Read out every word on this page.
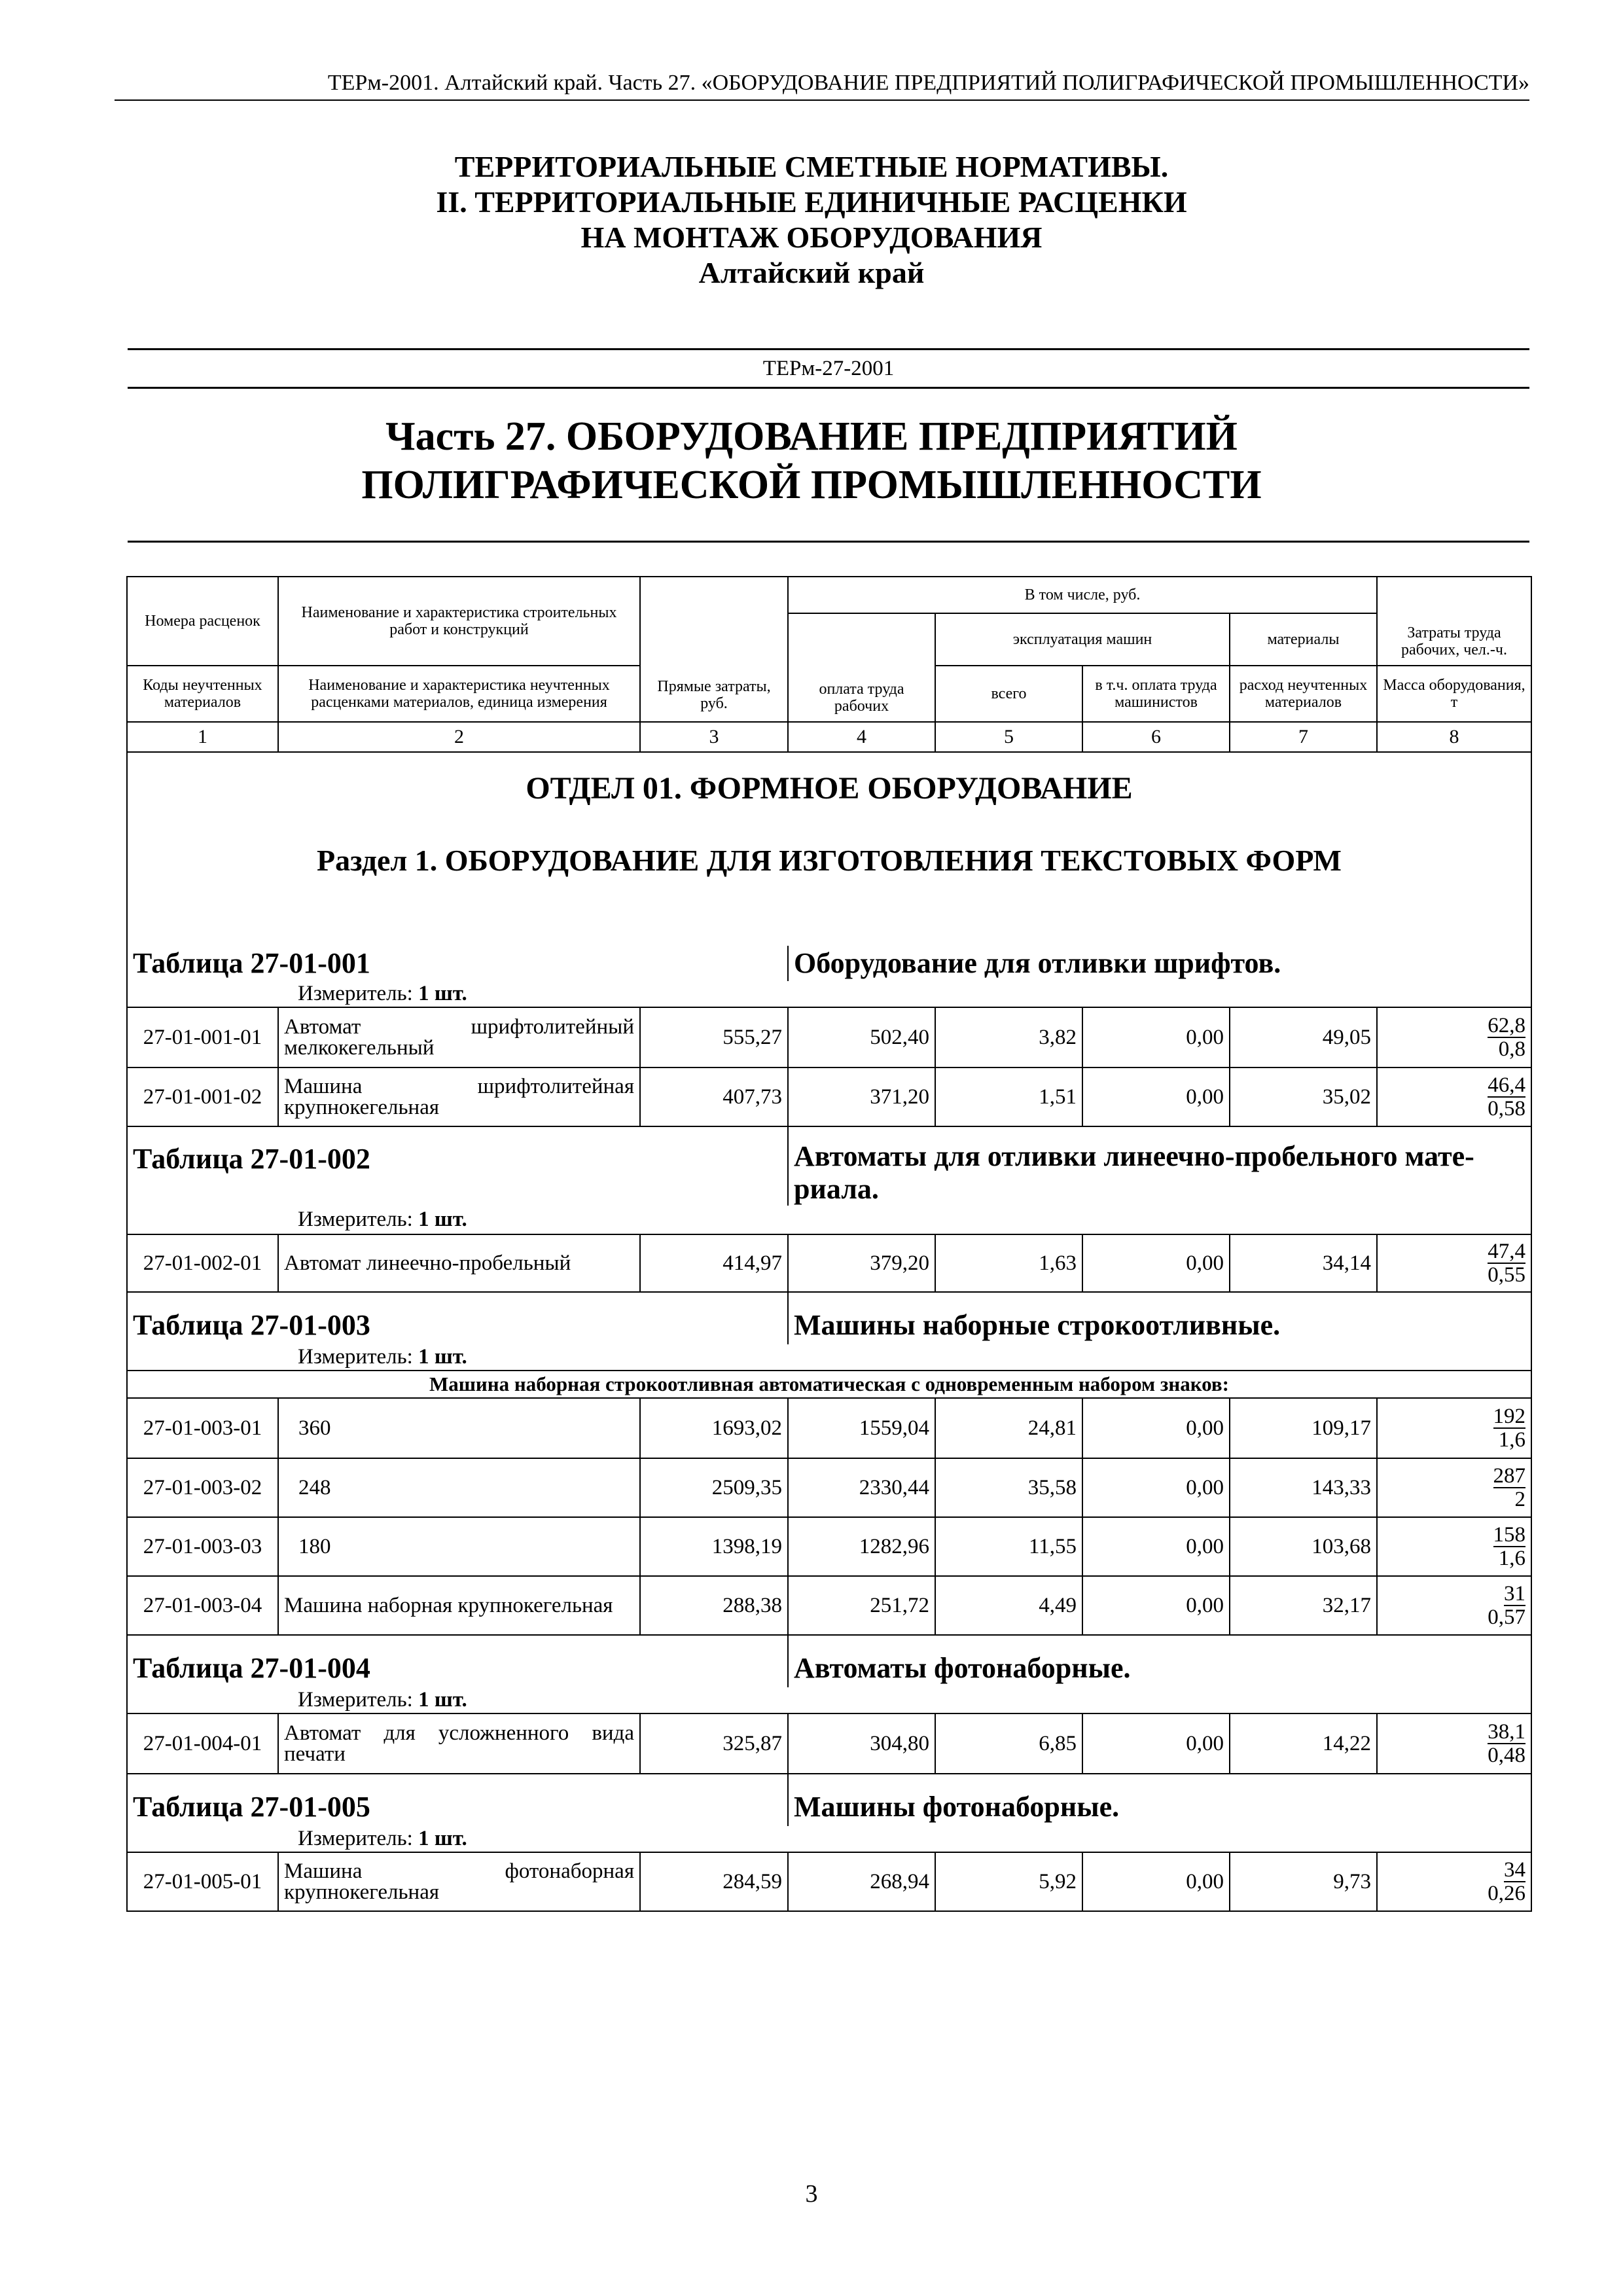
ТЕРм-2001. Алтайский край. Часть 27. «ОБОРУДОВАНИЕ ПРЕДПРИЯТИЙ ПОЛИГРАФИЧЕСКОЙ ПРОМЫШЛЕННОСТИ»
ТЕРРИТОРИАЛЬНЫЕ СМЕТНЫЕ НОРМАТИВЫ.
II. ТЕРРИТОРИАЛЬНЫЕ ЕДИНИЧНЫЕ РАСЦЕНКИ
НА МОНТАЖ ОБОРУДОВАНИЯ
Алтайский край
ТЕРм-27-2001
Часть 27. ОБОРУДОВАНИЕ ПРЕДПРИЯТИЙ
ПОЛИГРАФИЧЕСКОЙ ПРОМЫШЛЕННОСТИ
Номера расценок	Наименование и характеристика строительных работ и конструкций	Прямые затраты, руб.	В том числе, руб.				Затраты труда рабочих, чел.-ч.
			оплата труда рабочих	эксплуатация машин		материалы	
Коды неучтенных материалов	Наименование и характеристика неучтенных расценками материалов, единица измерения			всего	в т.ч. оплата труда машинистов	расход неучтенных материалов	Масса оборудования, т
1	2	3	4	5	6	7	8
ОТДЕЛ 01. ФОРМНОЕ ОБОРУДОВАНИЕ							
Раздел 1. ОБОРУДОВАНИЕ ДЛЯ ИЗГОТОВЛЕНИЯ ТЕКСТОВЫХ ФОРМ							

Таблица 27-01-001			Оборудование для отливки шрифтов.				
Измеритель: 1 шт.							
27-01-001-01	Автомат шрифтолитейный мелкокегельный	555,27	502,40	3,82	0,00	49,05	62,8
0,8
27-01-001-02	Машина шрифтолитейная крупнокегельная	407,73	371,20	1,51	0,00	35,02	46,4
0,58
Таблица 27-01-002			Автоматы для отливки линеечно-пробельного мате-
риала.				
Измеритель: 1 шт.							
27-01-002-01	Автомат линеечно-пробельный	414,97	379,20	1,63	0,00	34,14	47,4
0,55
Таблица 27-01-003			Машины наборные строкоотливные.				
Измеритель: 1 шт.							
Машина наборная строкоотливная автоматическая с одновременным набором знаков:							
27-01-003-01	360	1693,02	1559,04	24,81	0,00	109,17	192
1,6
27-01-003-02	248	2509,35	2330,44	35,58	0,00	143,33	287
2
27-01-003-03	180	1398,19	1282,96	11,55	0,00	103,68	158
1,6
27-01-003-04	Машина наборная крупнокегельная	288,38	251,72	4,49	0,00	32,17	31
0,57
Таблица 27-01-004			Автоматы фотонаборные.				
Измеритель: 1 шт.							
27-01-004-01	Автомат для усложненного вида печати	325,87	304,80	6,85	0,00	14,22	38,1
0,48
Таблица 27-01-005			Машины фотонаборные.				
Измеритель: 1 шт.							
27-01-005-01	Машина фотонаборная крупнокегельная	284,59	268,94	5,92	0,00	9,73	34
0,26
3
